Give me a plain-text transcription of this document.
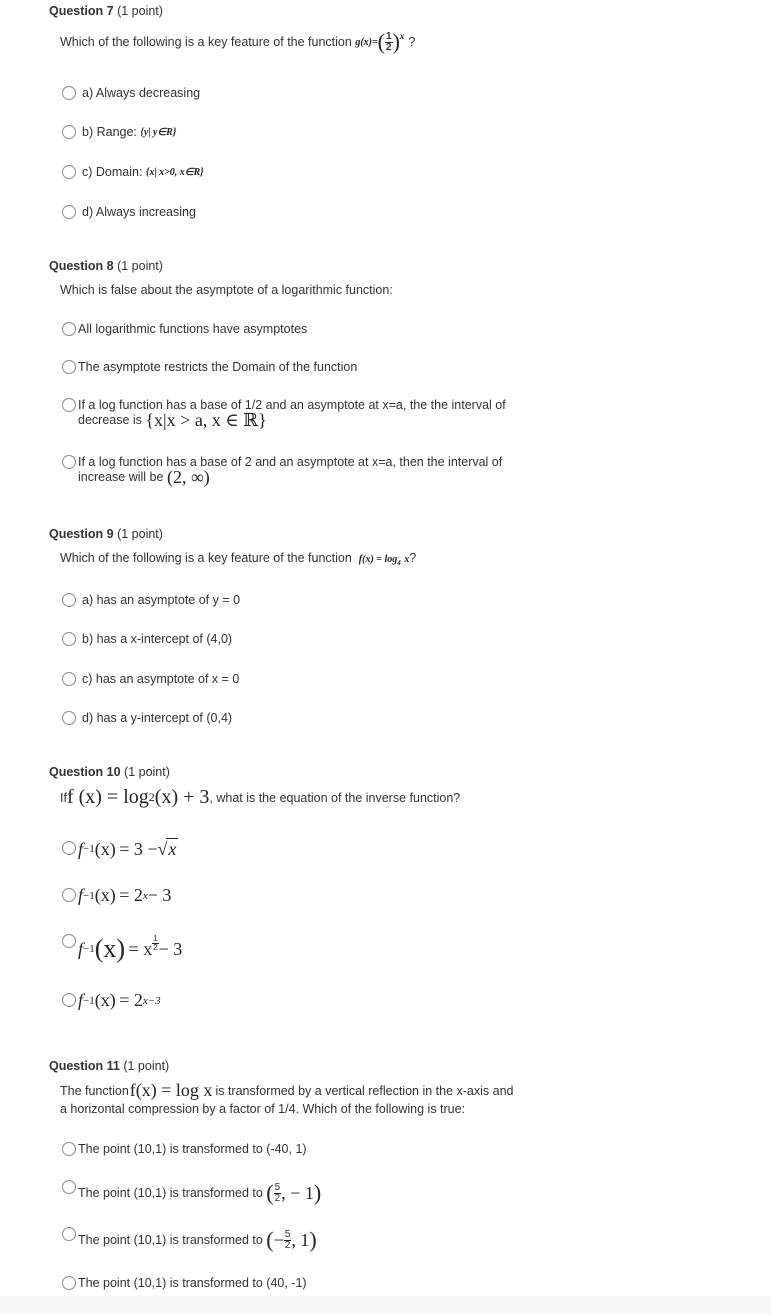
Question 7 (1 point)
Which of the following is a key feature of the function
g(x)= ( $\frac{1}{2}$ ) x ?
a) Always decreasing
b) Range:
{y| y∈R}
c) Domain:
{x| x>0, x∈R}
d) Always increasing
Question 8 (1 point)
Which is false about the asymptote of a logarithmic function:
All logarithmic functions have asymptotes
The asymptote restricts the Domain of the function
If a log function has a base of 1/2 and an asymptote at x=a, the the interval of
decrease is
{x|x > a, x ∈ ℝ}
If a log function has a base of 2 and an asymptote at x=a, then the interval of
increase will be
(2, ∞)
Question 9 (1 point)
Which of the following is a key feature of the function $f(x) = \log_4 x$?
a) has an asymptote of y = 0
b) has a x-intercept of (4,0)
c) has an asymptote of x = 0
d) has a y-intercept of (0,4)
Question 10 (1 point)
If f (x) = log 2 (x) + 3 , what is the equation of the inverse function?
f −1 (x)
= 3 − √ x
f −1 (x)
= 2 x − 3
f −1 (x)
= x $\frac{1}{2} - 3$
f −1 (x)
= 2 x−3
Question 11 (1 point)
The function f(x) = log x is transformed by a vertical reflection in the x-axis and
a horizontal compression by a factor of 1/4. Which of the following is true:
The point (10,1) is transformed to (-40, 1)
The point (10,1) is transformed to
( $\frac{5}{2}$ , − 1 )
The point (10,1) is transformed to
( − $\frac{5}{2}$ , 1 )
The point (10,1) is transformed to (40, -1)
